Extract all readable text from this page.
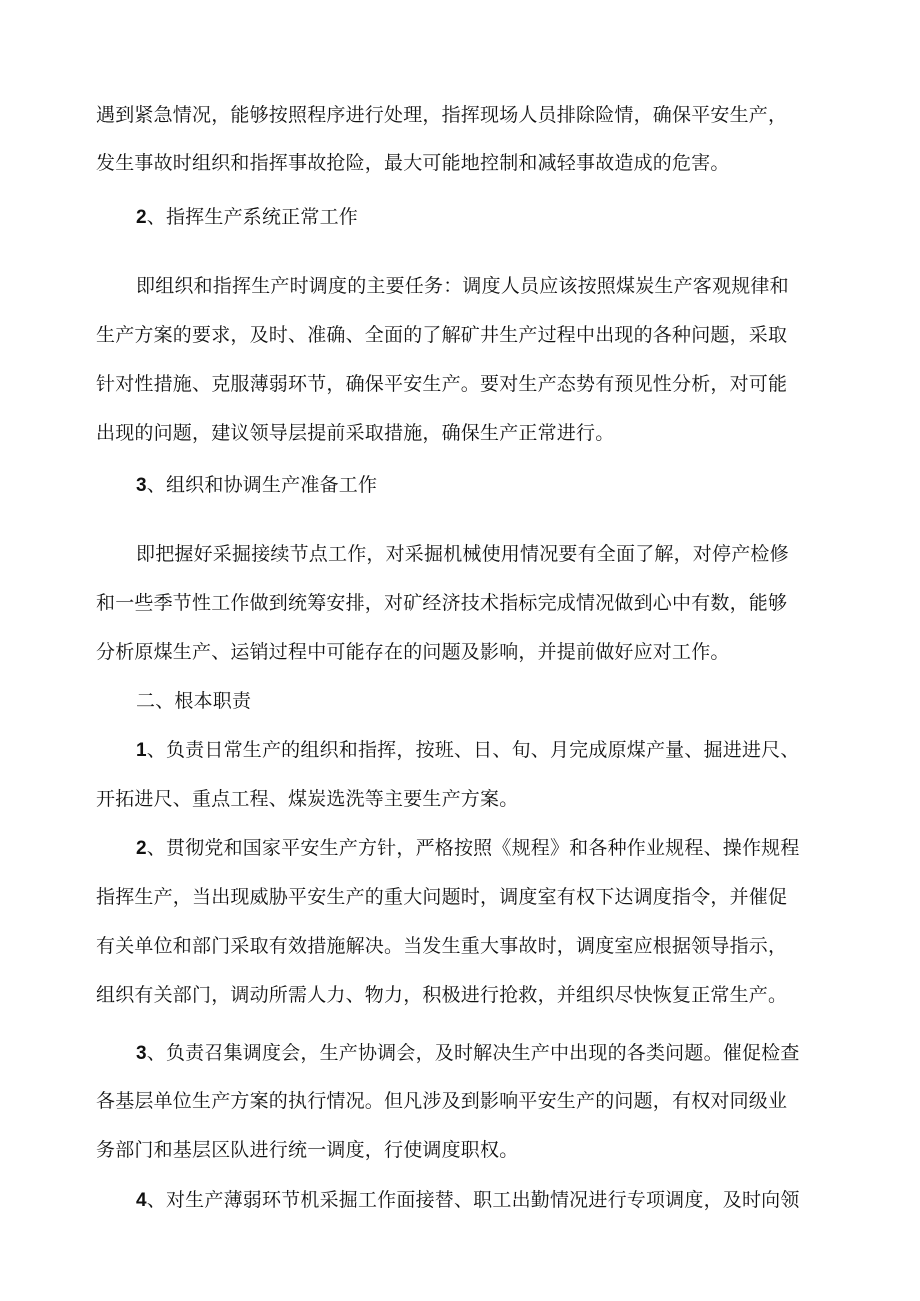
遇到紧急情况，能够按照程序进行处理，指挥现场人员排除险情，确保平安生产，
发生事故时组织和指挥事故抢险，最大可能地控制和减轻事故造成的危害。
2、指挥生产系统正常工作
即组织和指挥生产时调度的主要任务：调度人员应该按照煤炭生产客观规律和
生产方案的要求，及时、准确、全面的了解矿井生产过程中出现的各种问题，采取
针对性措施、克服薄弱环节，确保平安生产。要对生产态势有预见性分析，对可能
出现的问题，建议领导层提前采取措施，确保生产正常进行。
3、组织和协调生产准备工作
即把握好采掘接续节点工作，对采掘机械使用情况要有全面了解，对停产检修
和一些季节性工作做到统筹安排，对矿经济技术指标完成情况做到心中有数，能够
分析原煤生产、运销过程中可能存在的问题及影响，并提前做好应对工作。
二、根本职责
1、负责日常生产的组织和指挥，按班、日、旬、月完成原煤产量、掘进进尺、
开拓进尺、重点工程、煤炭选洗等主要生产方案。
2、贯彻党和国家平安生产方针，严格按照《规程》和各种作业规程、操作规程
指挥生产，当出现威胁平安生产的重大问题时，调度室有权下达调度指令，并催促
有关单位和部门采取有效措施解决。当发生重大事故时，调度室应根据领导指示，
组织有关部门，调动所需人力、物力，积极进行抢救，并组织尽快恢复正常生产。
3、负责召集调度会，生产协调会，及时解决生产中出现的各类问题。催促检查
各基层单位生产方案的执行情况。但凡涉及到影响平安生产的问题，有权对同级业
务部门和基层区队进行统一调度，行使调度职权。
4、对生产薄弱环节机采掘工作面接替、职工出勤情况进行专项调度，及时向领
